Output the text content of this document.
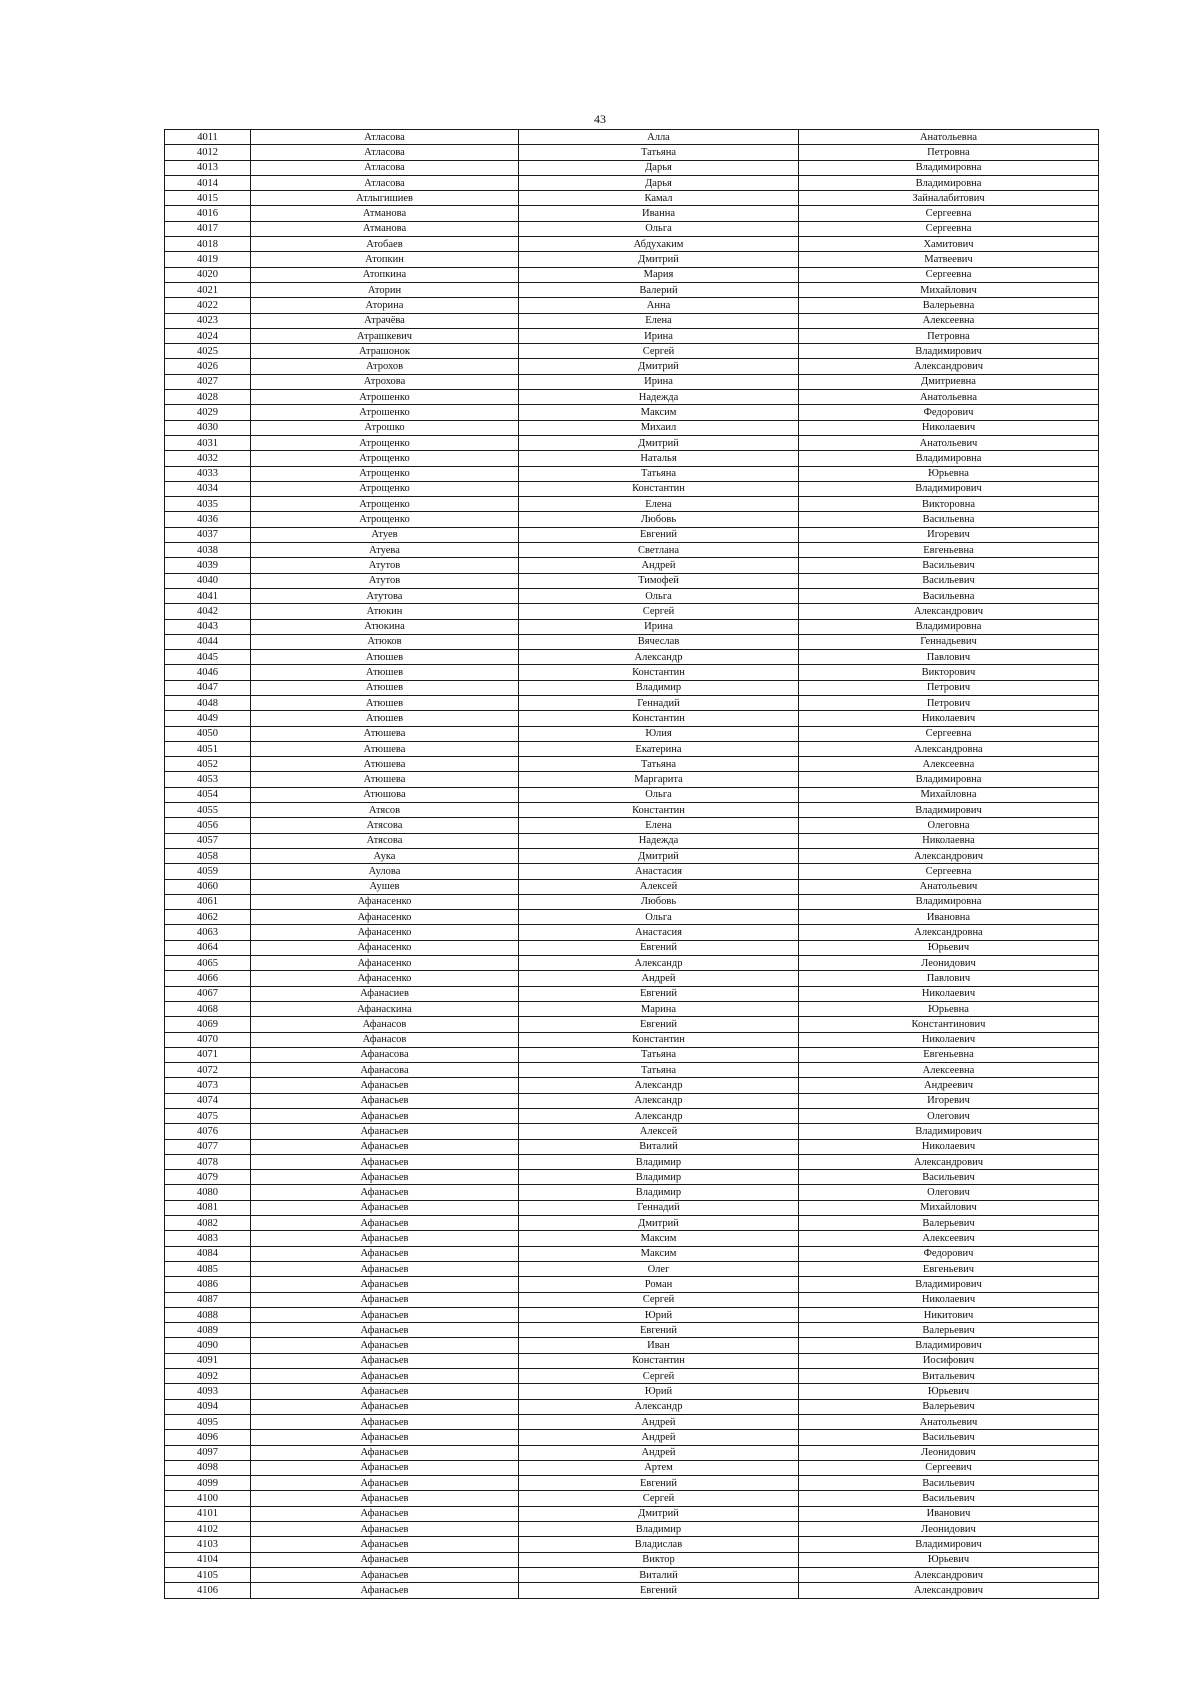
43
4011	Атласова	Алла	Анатольевна
4012	Атласова	Татьяна	Петровна
4013	Атласова	Дарья	Владимировна
4014	Атласова	Дарья	Владимировна
4015	Атлыгишиев	Камал	Зайналабитович
4016	Атманова	Иванна	Сергеевна
4017	Атманова	Ольга	Сергеевна
4018	Атобаев	Абдухаким	Хамитович
4019	Атопкин	Дмитрий	Матвеевич
4020	Атопкина	Мария	Сергеевна
4021	Аторин	Валерий	Михайлович
4022	Аторина	Анна	Валерьевна
4023	Атрачёва	Елена	Алексеевна
4024	Атрашкевич	Ирина	Петровна
4025	Атрашонок	Сергей	Владимирович
4026	Атрохов	Дмитрий	Александрович
4027	Атрохова	Ирина	Дмитриевна
4028	Атрошенко	Надежда	Анатольевна
4029	Атрошенко	Максим	Федорович
4030	Атрошко	Михаил	Николаевич
4031	Атрощенко	Дмитрий	Анатольевич
4032	Атрощенко	Наталья	Владимировна
4033	Атрощенко	Татьяна	Юрьевна
4034	Атрощенко	Константин	Владимирович
4035	Атрощенко	Елена	Викторовна
4036	Атрощенко	Любовь	Васильевна
4037	Атуев	Евгений	Игоревич
4038	Атуева	Светлана	Евгеньевна
4039	Атутов	Андрей	Васильевич
4040	Атутов	Тимофей	Васильевич
4041	Атутова	Ольга	Васильевна
4042	Атюкин	Сергей	Александрович
4043	Атюкина	Ирина	Владимировна
4044	Атюков	Вячеслав	Геннадьевич
4045	Атюшев	Александр	Павлович
4046	Атюшев	Константин	Викторович
4047	Атюшев	Владимир	Петрович
4048	Атюшев	Геннадий	Петрович
4049	Атюшев	Константин	Николаевич
4050	Атюшева	Юлия	Сергеевна
4051	Атюшева	Екатерина	Александровна
4052	Атюшева	Татьяна	Алексеевна
4053	Атюшева	Маргарита	Владимировна
4054	Атюшова	Ольга	Михайловна
4055	Атясов	Константин	Владимирович
4056	Атясова	Елена	Олеговна
4057	Атясова	Надежда	Николаевна
4058	Аука	Дмитрий	Александрович
4059	Аулова	Анастасия	Сергеевна
4060	Аушев	Алексей	Анатольевич
4061	Афанасенко	Любовь	Владимировна
4062	Афанасенко	Ольга	Ивановна
4063	Афанасенко	Анастасия	Александровна
4064	Афанасенко	Евгений	Юрьевич
4065	Афанасенко	Александр	Леонидович
4066	Афанасенко	Андрей	Павлович
4067	Афанасиев	Евгений	Николаевич
4068	Афанаскина	Марина	Юрьевна
4069	Афанасов	Евгений	Константинович
4070	Афанасов	Константин	Николаевич
4071	Афанасова	Татьяна	Евгеньевна
4072	Афанасова	Татьяна	Алексеевна
4073	Афанасьев	Александр	Андреевич
4074	Афанасьев	Александр	Игоревич
4075	Афанасьев	Александр	Олегович
4076	Афанасьев	Алексей	Владимирович
4077	Афанасьев	Виталий	Николаевич
4078	Афанасьев	Владимир	Александрович
4079	Афанасьев	Владимир	Васильевич
4080	Афанасьев	Владимир	Олегович
4081	Афанасьев	Геннадий	Михайлович
4082	Афанасьев	Дмитрий	Валерьевич
4083	Афанасьев	Максим	Алексеевич
4084	Афанасьев	Максим	Федорович
4085	Афанасьев	Олег	Евгеньевич
4086	Афанасьев	Роман	Владимирович
4087	Афанасьев	Сергей	Николаевич
4088	Афанасьев	Юрий	Никитович
4089	Афанасьев	Евгений	Валерьевич
4090	Афанасьев	Иван	Владимирович
4091	Афанасьев	Константин	Иосифович
4092	Афанасьев	Сергей	Витальевич
4093	Афанасьев	Юрий	Юрьевич
4094	Афанасьев	Александр	Валерьевич
4095	Афанасьев	Андрей	Анатольевич
4096	Афанасьев	Андрей	Васильевич
4097	Афанасьев	Андрей	Леонидович
4098	Афанасьев	Артем	Сергеевич
4099	Афанасьев	Евгений	Васильевич
4100	Афанасьев	Сергей	Васильевич
4101	Афанасьев	Дмитрий	Иванович
4102	Афанасьев	Владимир	Леонидович
4103	Афанасьев	Владислав	Владимирович
4104	Афанасьев	Виктор	Юрьевич
4105	Афанасьев	Виталий	Александрович
4106	Афанасьев	Евгений	Александрович
